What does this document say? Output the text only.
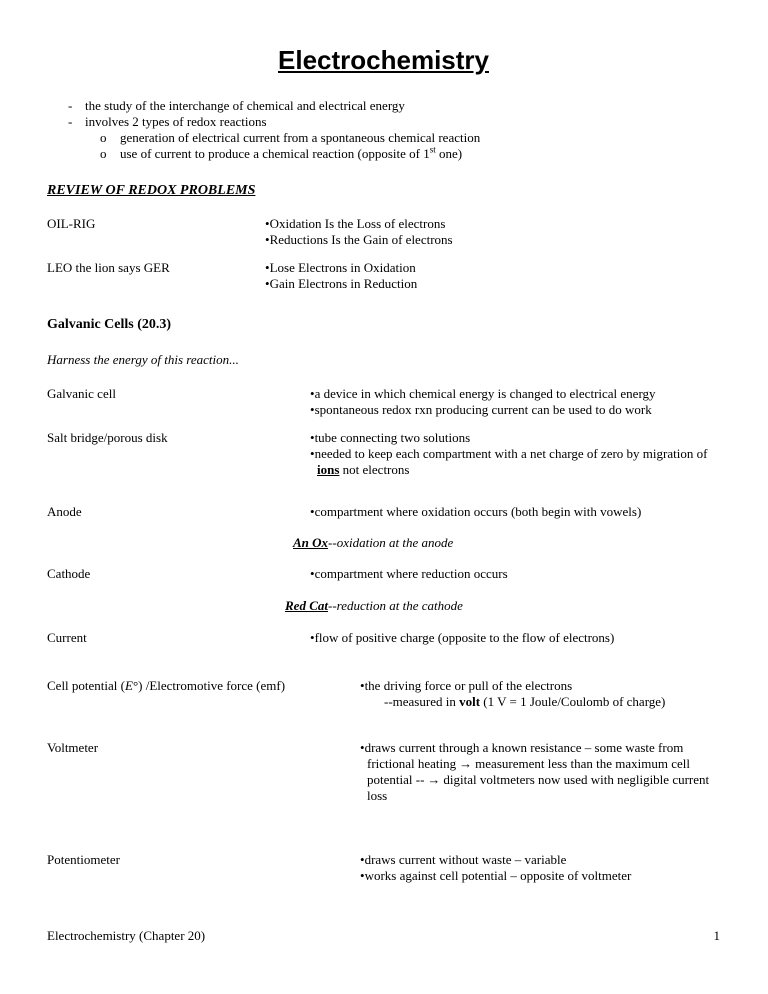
Electrochemistry
- the study of the interchange of chemical and electrical energy
- involves 2 types of redox reactions
o generation of electrical current from a spontaneous chemical reaction
o use of current to produce a chemical reaction (opposite of 1st one)
REVIEW OF REDOX PROBLEMS
OIL-RIG	•Oxidation Is the Loss of electrons
•Reductions Is the Gain of electrons
LEO the lion says GER	•Lose Electrons in Oxidation
•Gain Electrons in Reduction
Galvanic Cells (20.3)
Harness the energy of this reaction...
Galvanic cell	•a device in which chemical energy is changed to electrical energy
•spontaneous redox rxn producing current can be used to do work
Salt bridge/porous disk	•tube connecting two solutions
•needed to keep each compartment with a net charge of zero by migration of ions not electrons
Anode	•compartment where oxidation occurs (both begin with vowels)
An Ox--oxidation at the anode
Cathode	•compartment where reduction occurs
Red Cat--reduction at the cathode
Current	•flow of positive charge (opposite to the flow of electrons)
Cell potential (E°) /Electromotive force (emf)	•the driving force or pull of the electrons
--measured in volt (1 V = 1 Joule/Coulomb of charge)
Voltmeter	•draws current through a known resistance – some waste from frictional heating → measurement less than the maximum cell potential -- → digital voltmeters now used with negligible current loss
Potentiometer	•draws current without waste – variable
•works against cell potential – opposite of voltmeter
Electrochemistry (Chapter 20)	1
